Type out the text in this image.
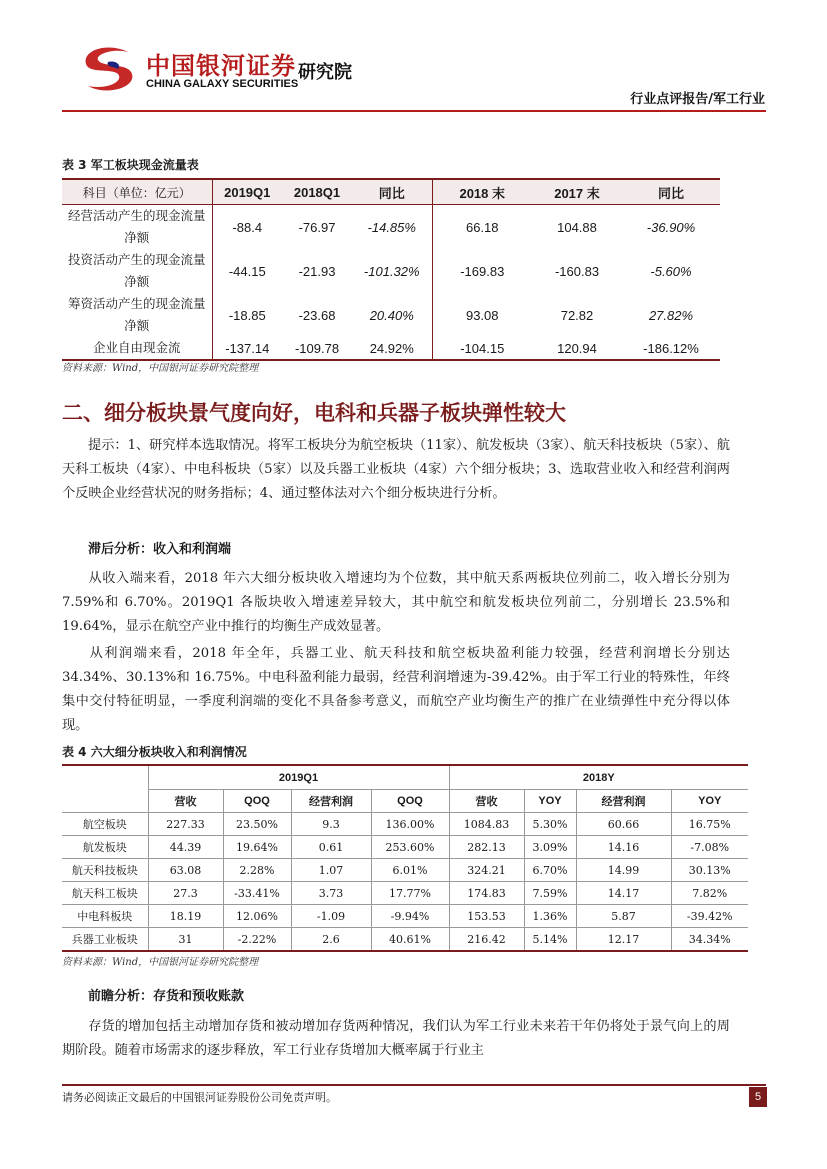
中国银河证券
CHINA GALAXY SECURITIES
研究院
行业点评报告/军工行业
表 3 军工板块现金流量表
科目（单位：亿元）	2019Q1	2018Q1	同比	2018 末	2017 末	同比
经营活动产生的现金流量净额	-88.4	-76.97	-14.85%	66.18	104.88	-36.90%
投资活动产生的现金流量净额	-44.15	-21.93	-101.32%	-169.83	-160.83	-5.60%
筹资活动产生的现金流量净额	-18.85	-23.68	20.40%	93.08	72.82	27.82%
企业自由现金流	-137.14	-109.78	24.92%	-104.15	120.94	-186.12%
资料来源：Wind，中国银河证券研究院整理
二、细分板块景气度向好，电科和兵器子板块弹性较大
提示：1、研究样本选取情况。将军工板块分为航空板块（11家）、航发板块（3家）、航天科技板块（5家）、航天科工板块（4家）、中电科板块（5家）以及兵器工业板块（4家）六个细分板块；3、选取营业收入和经营利润两个反映企业经营状况的财务指标；4、通过整体法对六个细分板块进行分析。
滞后分析：收入和利润端
从收入端来看，2018 年六大细分板块收入增速均为个位数，其中航天系两板块位列前二，收入增长分别为 7.59%和 6.70%。2019Q1 各版块收入增速差异较大，其中航空和航发板块位列前二，分别增长 23.5%和 19.64%，显示在航空产业中推行的均衡生产成效显著。
从利润端来看，2018 年全年，兵器工业、航天科技和航空板块盈利能力较强，经营利润增长分别达 34.34%、30.13%和 16.75%。中电科盈利能力最弱，经营利润增速为-39.42%。由于军工行业的特殊性，年终集中交付特征明显，一季度利润端的变化不具备参考意义，而航空产业均衡生产的推广在业绩弹性中充分得以体现。
表 4 六大细分板块收入和利润情况
	2019Q1				2018Y			
	营收	QOQ	经营利润	QOQ	营收	YOY	经营利润	YOY
航空板块	227.33	23.50%	9.3	136.00%	1084.83	5.30%	60.66	16.75%
航发板块	44.39	19.64%	0.61	253.60%	282.13	3.09%	14.16	-7.08%
航天科技板块	63.08	2.28%	1.07	6.01%	324.21	6.70%	14.99	30.13%
航天科工板块	27.3	-33.41%	3.73	17.77%	174.83	7.59%	14.17	7.82%
中电科板块	18.19	12.06%	-1.09	-9.94%	153.53	1.36%	5.87	-39.42%
兵器工业板块	31	-2.22%	2.6	40.61%	216.42	5.14%	12.17	34.34%
资料来源：Wind，中国银河证券研究院整理
前瞻分析：存货和预收账款
存货的增加包括主动增加存货和被动增加存货两种情况，我们认为军工行业未来若干年仍将处于景气向上的周期阶段。随着市场需求的逐步释放，军工行业存货增加大概率属于行业主
请务必阅读正文最后的中国银河证券股份公司免责声明。	5
